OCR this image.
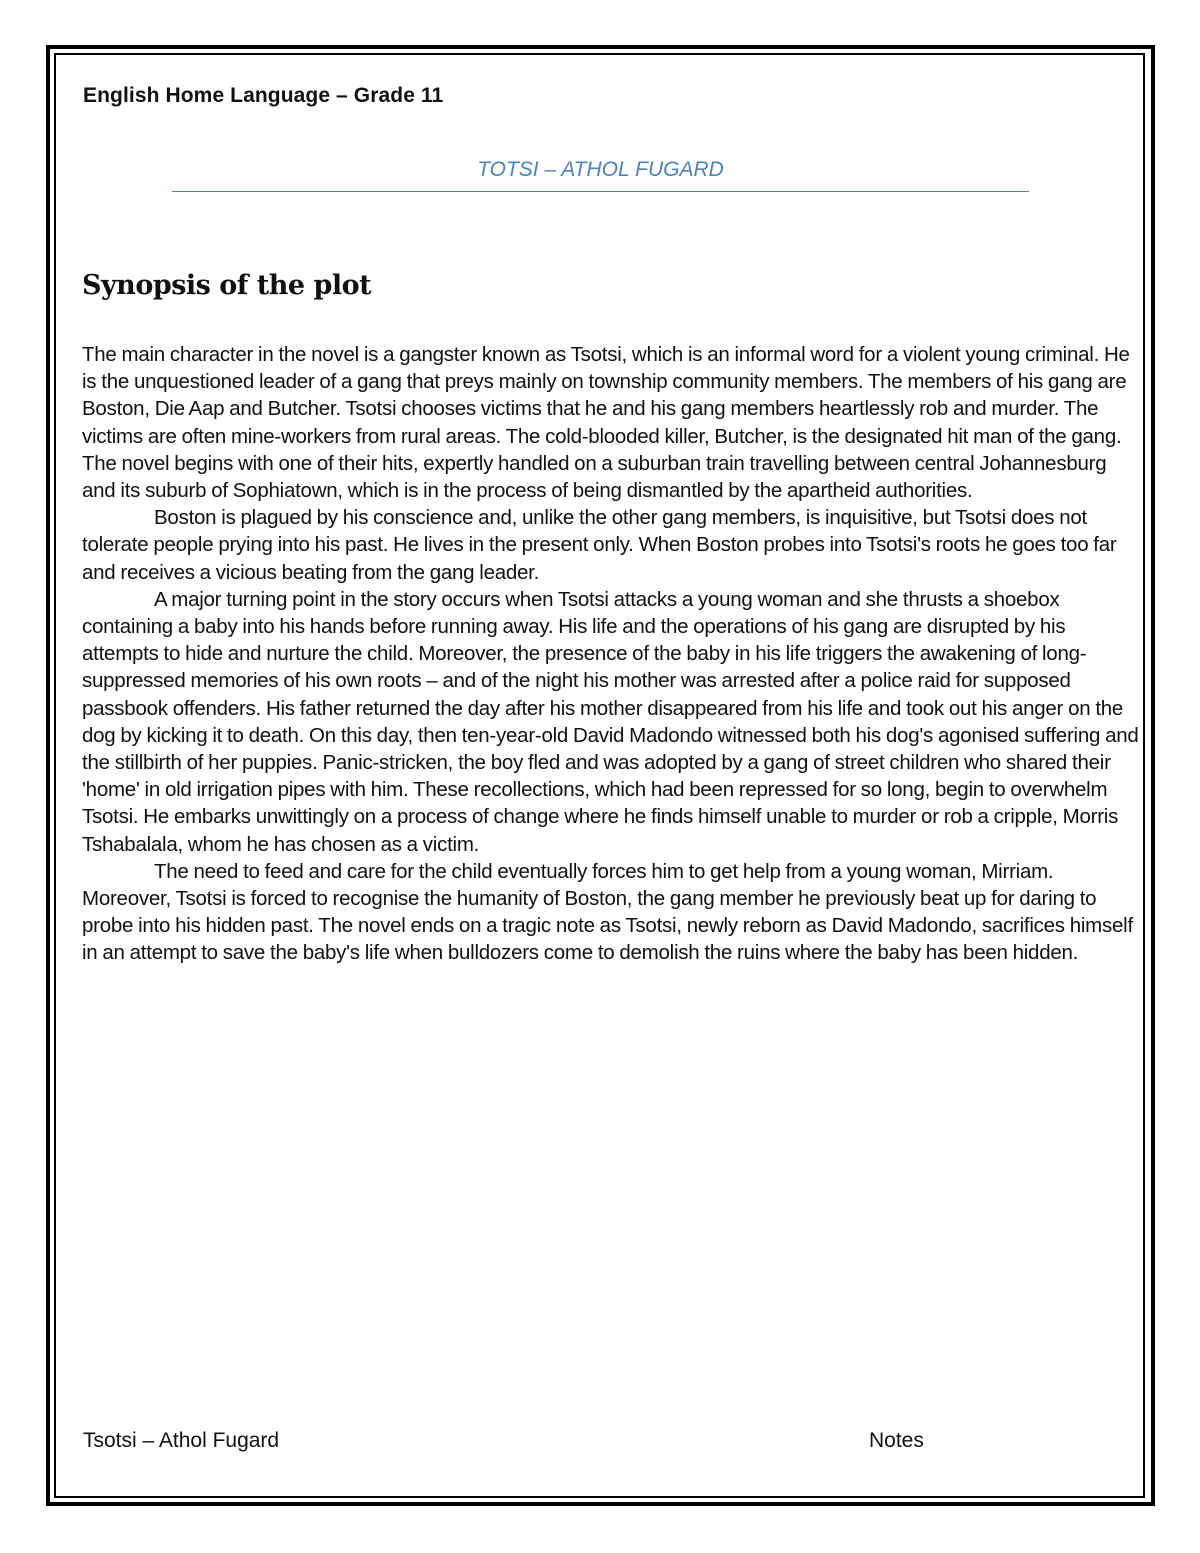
English Home Language – Grade 11
TOTSI – ATHOL FUGARD
Synopsis of the plot

The main character in the novel is a gangster known as Tsotsi, which is an informal word for a violent young criminal. He is the unquestioned leader of a gang that preys mainly on township community members. The members of his gang are Boston, Die Aap and Butcher. Tsotsi chooses victims that he and his gang members heartlessly rob and murder. The victims are often mine-workers from rural areas. The cold-blooded killer, Butcher, is the designated hit man of the gang. The novel begins with one of their hits, expertly handled on a suburban train travelling between central Johannesburg and its suburb of Sophiatown, which is in the process of being dismantled by the apartheid authorities.

Boston is plagued by his conscience and, unlike the other gang members, is inquisitive, but Tsotsi does not tolerate people prying into his past. He lives in the present only. When Boston probes into Tsotsi's roots he goes too far and receives a vicious beating from the gang leader.

A major turning point in the story occurs when Tsotsi attacks a young woman and she thrusts a shoebox containing a baby into his hands before running away. His life and the operations of his gang are disrupted by his attempts to hide and nurture the child. Moreover, the presence of the baby in his life triggers the awakening of long-suppressed memories of his own roots – and of the night his mother was arrested after a police raid for supposed passbook offenders. His father returned the day after his mother disappeared from his life and took out his anger on the dog by kicking it to death. On this day, then ten-year-old David Madondo witnessed both his dog's agonised suffering and the stillbirth of her puppies. Panic-stricken, the boy fled and was adopted by a gang of street children who shared their 'home' in old irrigation pipes with him. These recollections, which had been repressed for so long, begin to overwhelm Tsotsi. He embarks unwittingly on a process of change where he finds himself unable to murder or rob a cripple, Morris Tshabalala, whom he has chosen as a victim.

The need to feed and care for the child eventually forces him to get help from a young woman, Mirriam. Moreover, Tsotsi is forced to recognise the humanity of Boston, the gang member he previously beat up for daring to probe into his hidden past. The novel ends on a tragic note as Tsotsi, newly reborn as David Madondo, sacrifices himself in an attempt to save the baby's life when bulldozers come to demolish the ruins where the baby has been hidden.

Tsotsi – Athol Fugard	Notes
